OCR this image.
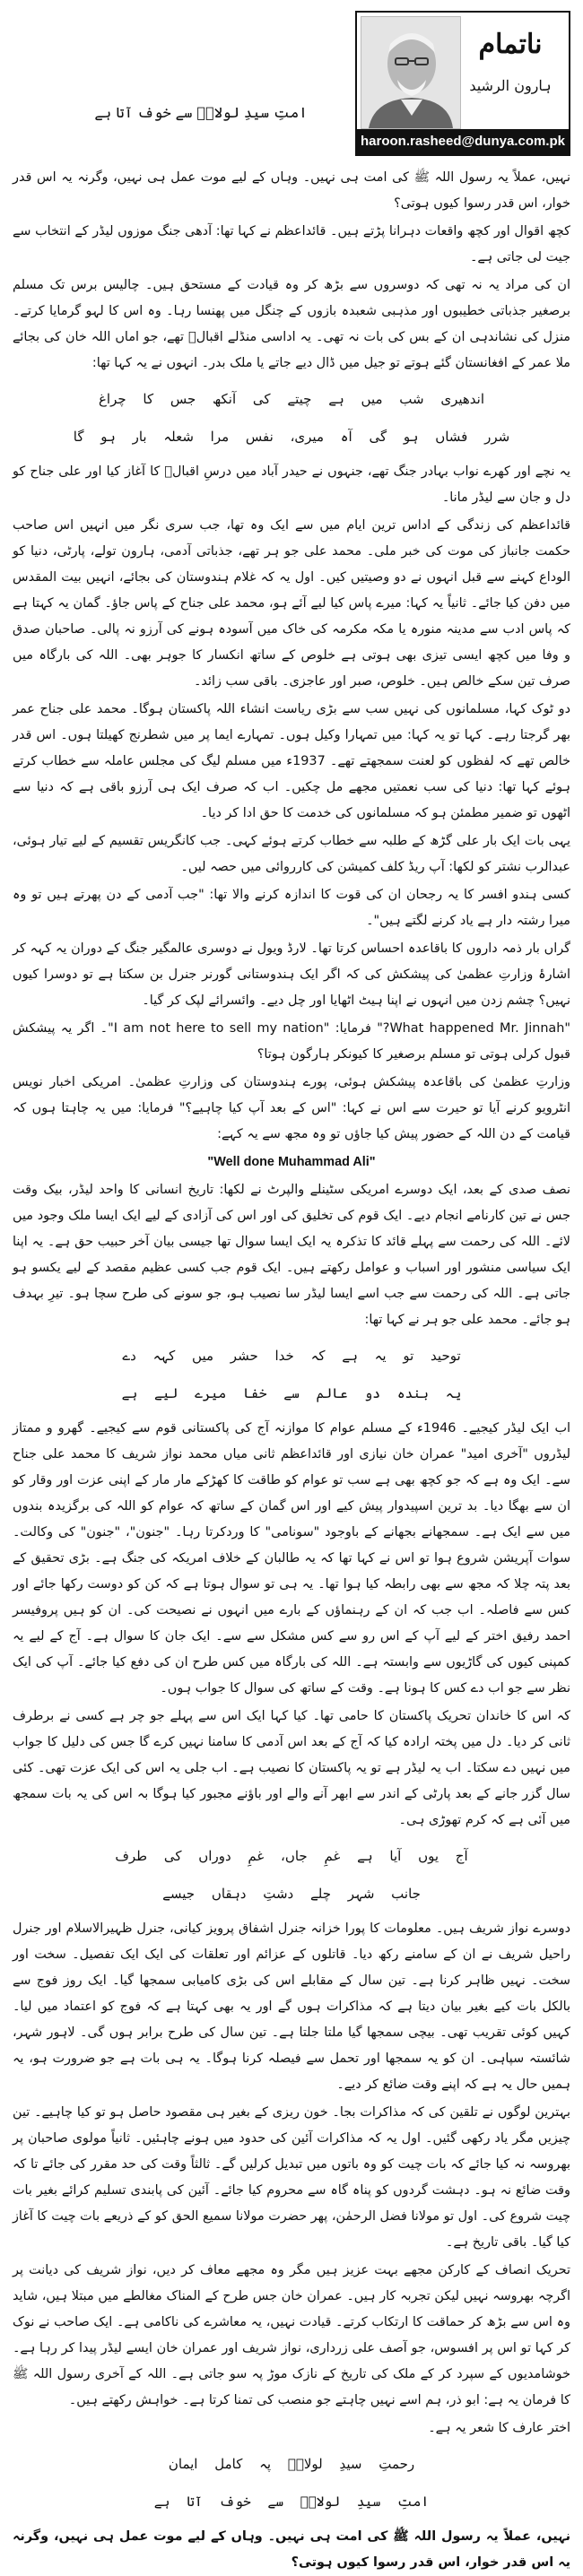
امتِ سیدِ لولاکؐ سے خوف آتا ہے
ناتمام
ہارون الرشید
haroon.rasheed@dunya.com.pk

نہیں، عملاً یہ رسول اللہ ﷺ کی امت ہی نہیں۔ وہاں کے لیے موت عمل ہی نہیں، وگرنہ یہ اس قدر خوار، اس قدر رسوا کیوں ہوتی؟

کچھ اقوال اور کچھ واقعات دہرانا پڑتے ہیں۔ قائداعظم نے کہا تھا: آدھی جنگ موزوں لیڈر کے انتخاب سے جیت لی جاتی ہے۔

ان کی مراد یہ نہ تھی کہ دوسروں سے بڑھ کر وہ قیادت کے مستحق ہیں۔ چالیس برس تک مسلم برصغیر جذباتی خطیبوں اور مذہبی شعبدہ بازوں کے چنگل میں پھنسا رہا۔ وہ اس کا لہو گرمایا کرتے۔ منزل کی نشاندہی ان کے بس کی بات نہ تھی۔ یہ اداسی منڈلے اقبالؒ تھے، جو اماں اللہ خان کی بجائے ملا عمر کے افغانستان گئے ہوتے تو جیل میں ڈال دیے جاتے یا ملک بدر۔ انہوں نے یہ کہا تھا:

اندھیری شب میں ہے چیتے کی آنکھ جس کا چراغ

شرر فشاں ہو گی آہ میری، نفس مرا شعلہ بار ہو گا

یہ نچے اور کھرے نواب بہادر جنگ تھے، جنہوں نے حیدر آباد میں درسِ اقبالؒ کا آغاز کیا اور علی جناح کو دل و جان سے لیڈر مانا۔

قائداعظم کی زندگی کے اداس ترین ایام میں سے ایک وہ تھا، جب سری نگر میں انہیں اس صاحب حکمت جانباز کی موت کی خبر ملی۔ محمد علی جو ہر تھے، جذباتی آدمی، ہارون تولے، پارٹی، دنیا کو الوداع کہنے سے قبل انہوں نے دو وصیتیں کیں۔ اول یہ کہ غلام ہندوستان کی بجائے، انہیں بیت المقدس میں دفن کیا جائے۔ ثانیاً یہ کہا: میرے پاس کیا لیے آئے ہو، محمد علی جناح کے پاس جاؤ۔ گمان یہ کہتا ہے کہ پاس ادب سے مدینہ منورہ یا مکہ مکرمہ کی خاک میں آسودہ ہونے کی آرزو نہ پالی۔ صاحبان صدق و وفا میں کچھ ایسی تیزی بھی ہوتی ہے خلوص کے ساتھ انکسار کا جوہر بھی۔ اللہ کی بارگاہ میں صرف تین سکے خالص ہیں۔ خلوص، صبر اور عاجزی۔ باقی سب زائد۔

دو ٹوک کہا، مسلمانوں کی نہیں سب سے بڑی ریاست انشاء اللہ پاکستان ہوگا۔ محمد علی جناح عمر بھر گرجتا رہے۔ کہا تو یہ کہا: میں تمہارا وکیل ہوں۔ تمہارے ایما پر میں شطرنج کھیلتا ہوں۔ اس قدر خالص تھے کہ لفظوں کو لعنت سمجھتے تھے۔ 1937ء میں مسلم لیگ کی مجلس عاملہ سے خطاب کرتے ہوئے کہا تھا: دنیا کی سب نعمتیں مجھے مل چکیں۔ اب کہ صرف ایک ہی آرزو باقی ہے کہ دنیا سے اٹھوں تو ضمیر مطمئن ہو کہ مسلمانوں کی خدمت کا حق ادا کر دیا۔

یہی بات ایک بار علی گڑھ کے طلبہ سے خطاب کرتے ہوئے کہی۔ جب کانگریس تقسیم کے لیے تیار ہوئی، عبدالرب نشتر کو لکھا: آپ ریڈ کلف کمیشن کی کارروائی میں حصہ لیں۔

کسی ہندو افسر کا یہ رجحان ان کی قوت کا اندازہ کرنے والا تھا: "جب آدمی کے دن پھرتے ہیں تو وہ میرا رشتہ دار ہے یاد کرنے لگتے ہیں"۔

گراں بار ذمہ داروں کا باقاعدہ احساس کرتا تھا۔ لارڈ ویول نے دوسری عالمگیر جنگ کے دوران یہ کہہ کر اشارۂ وزارتِ عظمیٰ کی پیشکش کی کہ اگر ایک ہندوستانی گورنر جنرل بن سکتا ہے تو دوسرا کیوں نہیں؟ چشم زدن میں انہوں نے اپنا ہیٹ اٹھایا اور چل دیے۔ وائسرائے لپک کر گیا۔

"What happened Mr. Jinnah?" فرمایا: "I am not here to sell my nation"۔ اگر یہ پیشکش قبول کرلی ہوتی تو مسلم برصغیر کا کیونکر ہارگون ہوتا؟

وزارتِ عظمیٰ کی باقاعدہ پیشکش ہوئی، پورے ہندوستان کی وزارتِ عظمیٰ۔ امریکی اخبار نویس انٹرویو کرنے آیا تو حیرت سے اس نے کہا: "اس کے بعد آپ کیا چاہیے؟" فرمایا: میں یہ چاہتا ہوں کہ قیامت کے دن اللہ کے حضور پیش کیا جاؤں تو وہ مجھ سے یہ کہے:

"Well done Muhammad Ali"

نصف صدی کے بعد، ایک دوسرے امریکی سٹینلے والپرٹ نے لکھا: تاریخ انسانی کا واحد لیڈر، بیک وقت جس نے تین کارنامے انجام دیے۔ ایک قوم کی تخلیق کی اور اس کی آزادی کے لیے ایک ایسا ملک وجود میں لائے۔ اللہ کی رحمت سے پہلے قائد کا تذکرہ یہ ایک ایسا سوال تھا جیسی بیان آخر حبیب حق ہے۔ یہ اپنا ایک سیاسی منشور اور اسباب و عوامل رکھتے ہیں۔ ایک قوم جب کسی عظیم مقصد کے لیے یکسو ہو جاتی ہے۔ اللہ کی رحمت سے جب اسے ایسا لیڈر سا نصیب ہو، جو سونے کی طرح سچا ہو۔ تیرِ بہدف ہو جائے۔ محمد علی جو ہر نے کہا تھا:

توحید تو یہ ہے کہ خدا حشر میں کہہ دے

یہ بندہ دو عالم سے خفا میرے لیے ہے

اب ایک لیڈر کیجیے۔ 1946ء کے مسلم عوام کا موازنہ آج کی پاکستانی قوم سے کیجیے۔ گھرو و ممتاز لیڈروں "آخری امید" عمران خان نیازی اور قائداعظم ثانی میاں محمد نواز شریف کا محمد علی جناح سے۔ ایک وہ ہے کہ جو کچھ بھی ہے سب تو عوام کو طاقت کا کھڑکے مار مار کے اپنی عزت اور وقار کو ان سے بھگا دیا۔ بد ترین اسپیدوار پیش کیے اور اس گمان کے ساتھ کہ عوام کو اللہ کی برگزیدہ بندوں میں سے ایک ہے۔ سمجھانے بجھانے کے باوجود "سونامی" کا وردکرتا رہا۔ "جنون"، "جنون" کی وکالت۔ سوات آپریشن شروع ہوا تو اس نے کہا تھا کہ یہ طالبان کے خلاف امریکہ کی جنگ ہے۔ بڑی تحقیق کے بعد پتہ چلا کہ مجھ سے بھی رابطہ کیا ہوا تھا۔ یہ ہی تو سوال ہوتا ہے کہ کن کو دوست رکھا جائے اور کس سے فاصلہ۔ اب جب کہ ان کے رہنماؤں کے بارے میں انہوں نے نصیحت کی۔ ان کو ہیں پروفیسر احمد رفیق اختر کے لیے آپ کے اس رو سے کس مشکل سے سے۔ ایک جان کا سوال ہے۔ آج کے لیے یہ کمپنی کیوں کی گاڑیوں سے وابستہ ہے۔ اللہ کی بارگاہ میں کس طرح ان کی دفع کیا جائے۔ آپ کی ایک نظر سے جو اب دے کس کا ہونا ہے۔ وقت کے ساتھ کی سوال کا جواب ہوں۔

کہ اس کا خاندان تحریک پاکستان کا حامی تھا۔ کیا کہا ایک اس سے پہلے جو چر ہے کسی نے برطرف ثانی کر دیا۔ دل میں پختہ ارادہ کیا کہ آج کے بعد اس آدمی کا سامنا نہیں کرے گا جس کی دلیل کا جواب میں نہیں دے سکتا۔ اب یہ لیڈر ہے تو یہ پاکستان کا نصیب ہے۔ اب جلی یہ اس کی ایک عزت تھی۔ کئی سال گزر جانے کے بعد پارٹی کے اندر سے ابھر آنے والے اور باؤنے مجبور کیا ہوگا بہ اس کی یہ بات سمجھ میں آئی ہے کہ کرم تھوڑی ہی۔

آج یوں آیا ہے غمِ جاں، غمِ دوراں کی طرف

جانب شہر چلے دشتِ دہقاں جیسے

دوسرے نواز شریف ہیں۔ معلومات کا پورا خزانہ جنرل اشفاق پرویز کیانی، جنرل ظہیرالاسلام اور جنرل راحیل شریف نے ان کے سامنے رکھ دیا۔ قاتلوں کے عزائم اور تعلقات کی ایک ایک تفصیل۔ سخت اور سخت۔ نہیں ظاہر کرنا ہے۔ تین سال کے مقابلے اس کی بڑی کامیابی سمجھا گیا۔ ایک روز فوج سے بالکل بات کیے بغیر بیان دیتا ہے کہ مذاکرات ہوں گے اور یہ بھی کہتا ہے کہ فوج کو اعتماد میں لیا۔ کہیں کوئی تقریب تھی۔ بیچی سمجھا گیا ملتا جلتا ہے۔ تین سال کی طرح برابر ہوں گی۔ لاہور شہر، شائستہ سپاہی۔ ان کو یہ سمجھا اور تحمل سے فیصلہ کرنا ہوگا۔ یہ ہی بات ہے جو ضرورت ہو، یہ ہمیں حال یہ ہے کہ اپنے وقت ضائع کر دیے۔

بہترین لوگوں نے تلقین کی کہ مذاکرات بجا۔ خون ریزی کے بغیر ہی مقصود حاصل ہو تو کیا چاہیے۔ تین چیزیں مگر یاد رکھی گئیں۔ اول یہ کہ مذاکرات آئین کی حدود میں ہونے چاہئیں۔ ثانیاً مولوی صاحبان پر بھروسہ نہ کیا جائے کہ بات چیت کو وہ باتوں میں تبدیل کرلیں گے۔ ثالثاً وقت کی حد مقرر کی جائے تا کہ وقت ضائع نہ ہو۔ دہشت گردوں کو پناہ گاہ سے محروم کیا جائے۔ آئین کی پابندی تسلیم کرائے بغیر بات چیت شروع کی۔ اول تو مولانا فضل الرحمٰن، پھر حضرت مولانا سمیع الحق کو کے ذریعے بات چیت کا آغاز کیا گیا۔ باقی تاریخ ہے۔

تحریک انصاف کے کارکن مجھے بہت عزیز ہیں مگر وہ مجھے معاف کر دیں، نواز شریف کی دیانت پر اگرچہ بھروسہ نہیں لیکن تجربہ کار ہیں۔ عمران خان جس طرح کے المناک مغالطے میں مبتلا ہیں، شاید وہ اس سے بڑھ کر حماقت کا ارتکاب کرتے۔ قیادت نہیں، یہ معاشرے کی ناکامی ہے۔ ایک صاحب نے نوک کر کہا تو اس پر افسوس، جو آصف علی زرداری، نواز شریف اور عمران خان ایسے لیڈر پیدا کر رہا ہے۔ خوشامدیوں کے سپرد کر کے ملک کی تاریخ کے نازک موڑ پہ سو جاتی ہے۔ اللہ کے آخری رسول اللہ ﷺ کا فرمان یہ ہے: ابو ذر، ہم اسے نہیں چاہتے جو منصب کی تمنا کرتا ہے۔ خواہش رکھتے ہیں۔

اختر عارف کا شعر یہ ہے۔

رحمتِ سیدِ لولاکؐ پہ کامل ایمان

امتِ سیدِ لولاکؐ سے خوف آتا ہے

نہیں، عملاً یہ رسول اللہ ﷺ کی امت ہی نہیں۔ وہاں کے لیے موت عمل ہی نہیں، وگرنہ یہ اس قدر خوار، اس قدر رسوا کیوں ہوتی؟
